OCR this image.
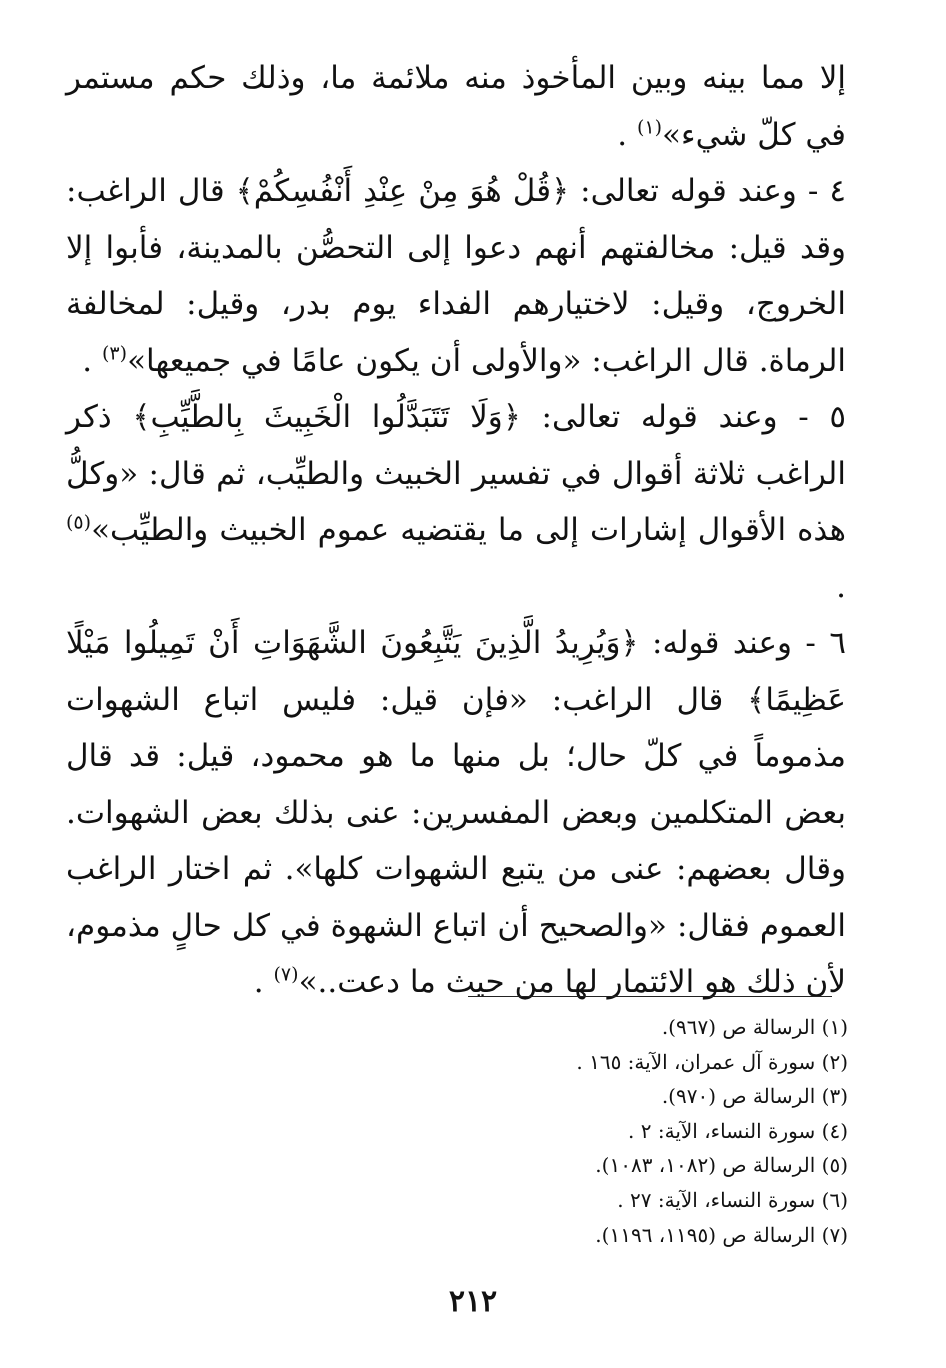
إلا مما بينه وبين المأخوذ منه ملائمة ما، وذلك حكم مستمر في كلّ شيء»$^{(١)}$ .

٤ - وعند قوله تعالى: ﴿قُلْ هُوَ مِنْ عِنْدِ أَنْفُسِكُمْ﴾ قال الراغب: وقد قيل: مخالفتهم أنهم دعوا إلى التحصُّن بالمدينة، فأبوا إلا الخروج، وقيل: لاختيارهم الفداء يوم بدر، وقيل: لمخالفة الرماة. قال الراغب: «والأولى أن يكون عامًا في جميعها»$^{(٣)}$ .

٥ - وعند قوله تعالى: ﴿وَلَا تَتَبَدَّلُوا الْخَبِيثَ بِالطَّيِّبِ﴾ ذكر الراغب ثلاثة أقوال في تفسير الخبيث والطيِّب، ثم قال: «وكلُّ هذه الأقوال إشارات إلى ما يقتضيه عموم الخبيث والطيِّب»$^{(٥)}$ .

٦ - وعند قوله: ﴿وَيُرِيدُ الَّذِينَ يَتَّبِعُونَ الشَّهَوَاتِ أَنْ تَمِيلُوا مَيْلًا عَظِيمًا﴾ قال الراغب: «فإن قيل: فليس اتباع الشهوات مذموماً في كلّ حال؛ بل منها ما هو محمود، قيل: قد قال بعض المتكلمين وبعض المفسرين: عنى بذلك بعض الشهوات. وقال بعضهم: عنى من يتبع الشهوات كلها». ثم اختار الراغب العموم فقال: «والصحيح أن اتباع الشهوة في كل حالٍ مذموم، لأن ذلك هو الائتمار لها من حيث ما دعت..»$^{(٧)}$ .

(١) الرسالة ص (٩٦٧).
(٢) سورة آل عمران، الآية: ١٦٥ .
(٣) الرسالة ص (٩٧٠).
(٤) سورة النساء، الآية: ٢ .
(٥) الرسالة ص (١٠٨٢، ١٠٨٣).
(٦) سورة النساء، الآية: ٢٧ .
(٧) الرسالة ص (١١٩٥، ١١٩٦).
٢١٢
